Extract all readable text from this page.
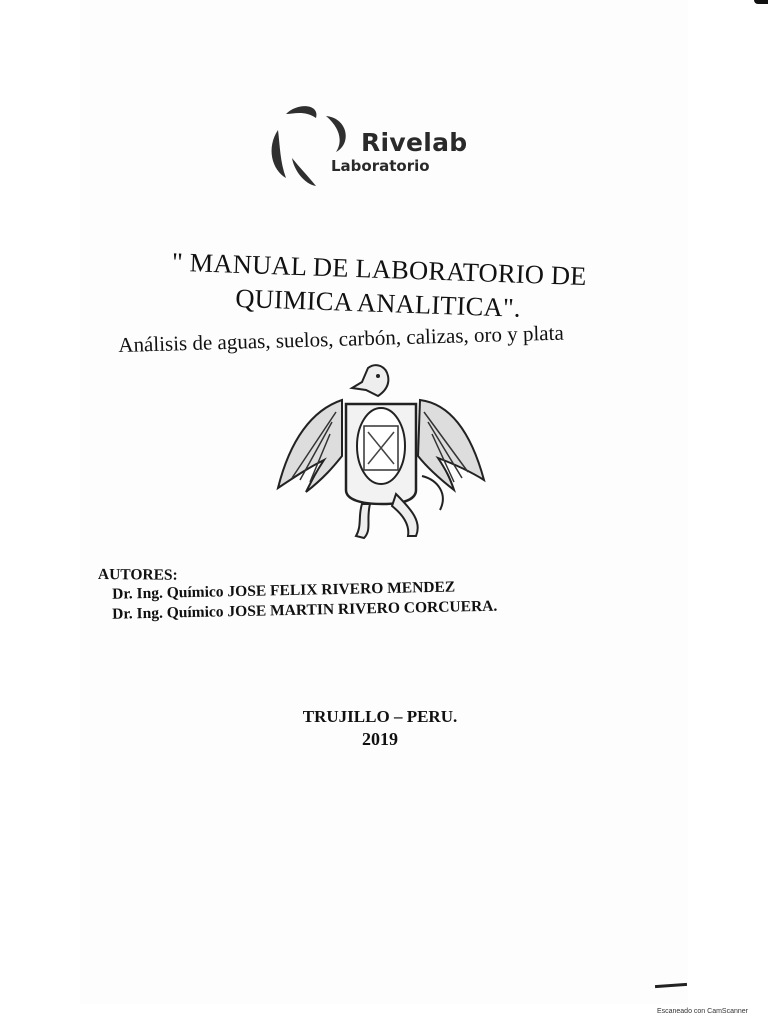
Rivelab
Laboratorio
" MANUAL DE LABORATORIO DE
QUIMICA ANALITICA".
Análisis de aguas, suelos, carbón, calizas, oro y plata
AUTORES:
Dr. Ing. Químico JOSE FELIX RIVERO MENDEZ
Dr. Ing. Químico JOSE MARTIN RIVERO CORCUERA.
TRUJILLO – PERU.
2019
Escaneado con CamScanner
